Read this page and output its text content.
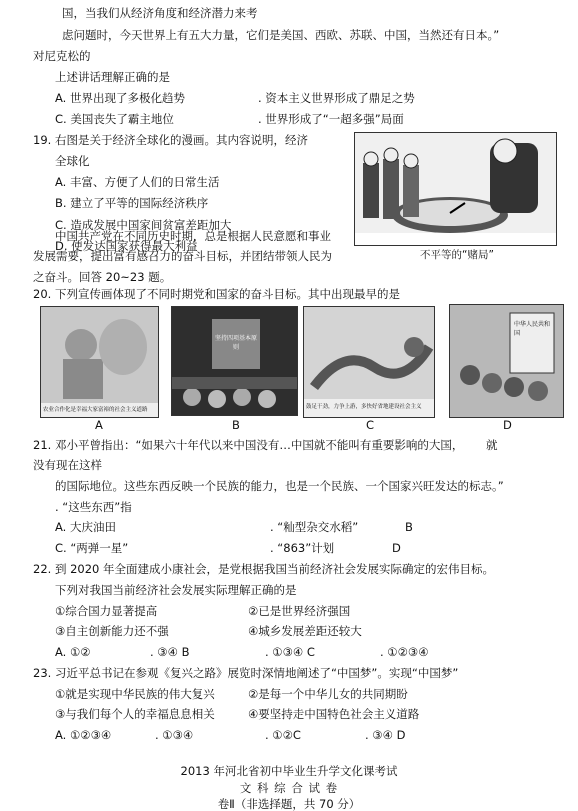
国，当我们从经济角度和经济潜力来考
虑问题时，今天世界上有五大力量，它们是美国、西欧、苏联、中国，当然还有日本。”
对尼克松的
上述讲话理解正确的是
A. 世界出现了多极化趋势	. 资本主义世界形成了鼎足之势
C. 美国丧失了霸主地位	. 世界形成了“一超多强”局面
19. 右图是关于经济全球化的漫画。其内容说明，经济
全球化
A. 丰富、方便了人们的日常生活
B. 建立了平等的国际经济秩序
C. 造成发展中国家间贫富差距加大
D. 使发达国家获得最大利益
不平等的“赌局”
中国共产党在不同历史时期，总是根据人民意愿和事业
发展需要，提出富有感召力的奋斗目标，并团结带领人民为
之奋斗。回答 20~23 题。
20. 下列宣传画体现了不同时期党和国家的奋斗目标。其中出现最早的是
农业合作化是幸福大家富裕的社会主义道路
A
坚持四项基本原则
B
鼓足干劲，力争上游，多快好省地建设社会主义
C
中华人民共和国
D
21. 邓小平曾指出：“如果六十年代以来中国没有…中国就不能叫有重要影响的大国， 就
没有现在这样
的国际地位。这些东西反映一个民族的能力，也是一个民族、一个国家兴旺发达的标志。”
. “这些东西”指
A. 大庆油田	. “籼型杂交水稻”	B
C. “两弹一星”	. “863”计划	D
22. 到 2020 年全面建成小康社会，是党根据我国当前经济社会发展实际确定的宏伟目标。
下列对我国当前经济社会发展实际理解正确的是
①综合国力显著提高	②已是世界经济强国
③自主创新能力还不强	④城乡发展差距还较大
A. ①②	. ③④ B	. ①③④ C	. ①②③④
23. 习近平总书记在参观《复兴之路》展览时深情地阐述了“中国梦”。实现“中国梦”
①就是实现中华民族的伟大复兴	②是每一个中华儿女的共同期盼
③与我们每个人的幸福息息相关	④要坚持走中国特色社会主义道路
A. ①②③④	. ①③④	. ①②C	. ③④ D
2013 年河北省初中毕业生升学文化课考试
文 科 综 合 试 卷
卷Ⅱ（非选择题，共 70 分）
